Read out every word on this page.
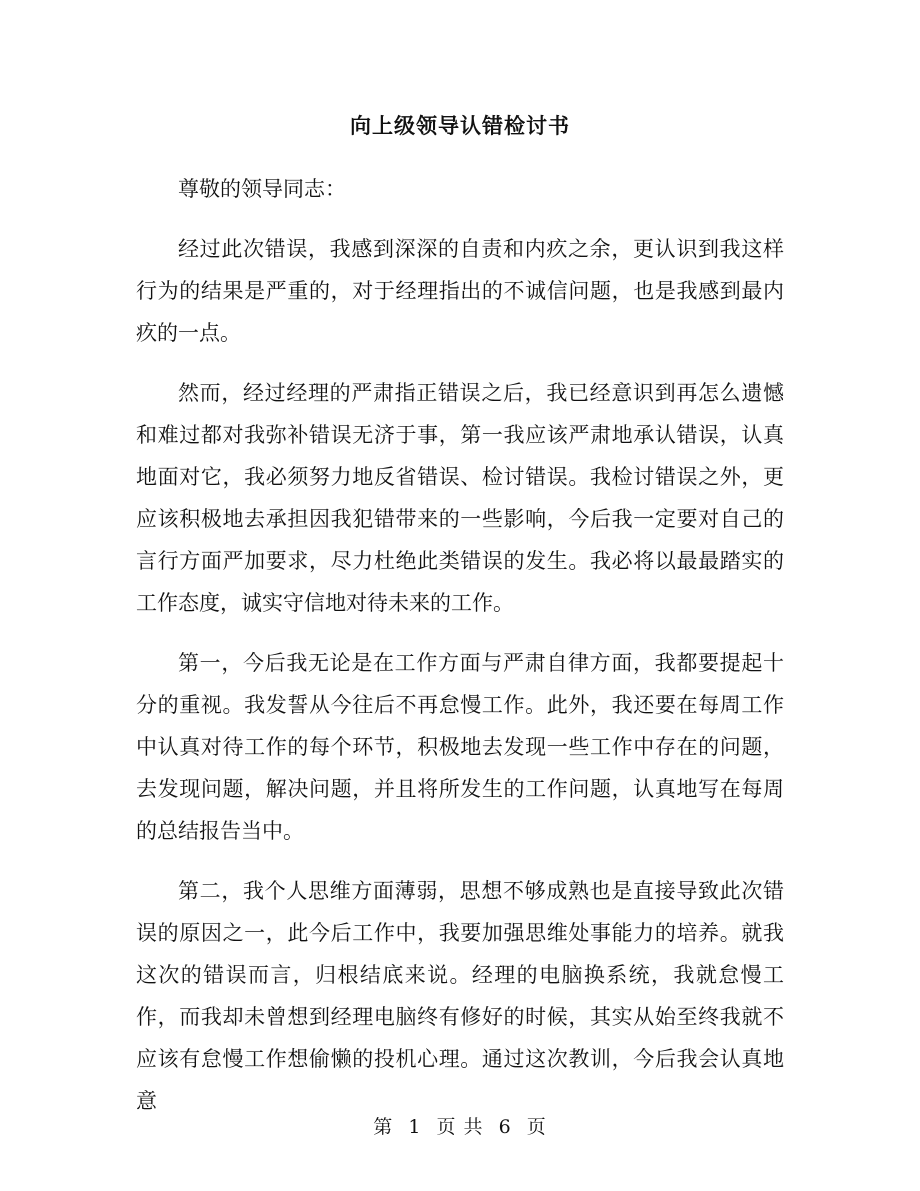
向上级领导认错检讨书

尊敬的领导同志：

经过此次错误，我感到深深的自责和内疚之余，更认识到我这样行为的结果是严重的，对于经理指出的不诚信问题，也是我感到最内疚的一点。

然而，经过经理的严肃指正错误之后，我已经意识到再怎么遗憾和难过都对我弥补错误无济于事，第一我应该严肃地承认错误，认真地面对它，我必须努力地反省错误、检讨错误。我检讨错误之外，更应该积极地去承担因我犯错带来的一些影响，今后我一定要对自己的言行方面严加要求，尽力杜绝此类错误的发生。我必将以最最踏实的工作态度，诚实守信地对待未来的工作。

第一，今后我无论是在工作方面与严肃自律方面，我都要提起十分的重视。我发誓从今往后不再怠慢工作。此外，我还要在每周工作中认真对待工作的每个环节，积极地去发现一些工作中存在的问题，去发现问题，解决问题，并且将所发生的工作问题，认真地写在每周的总结报告当中。

第二，我个人思维方面薄弱，思想不够成熟也是直接导致此次错误的原因之一，此今后工作中，我要加强思维处事能力的培养。就我这次的错误而言，归根结底来说。经理的电脑换系统，我就怠慢工作，而我却未曾想到经理电脑终有修好的时候，其实从始至终我就不应该有怠慢工作想偷懒的投机心理。通过这次教训，今后我会认真地意

第 1 页 共 6 页
